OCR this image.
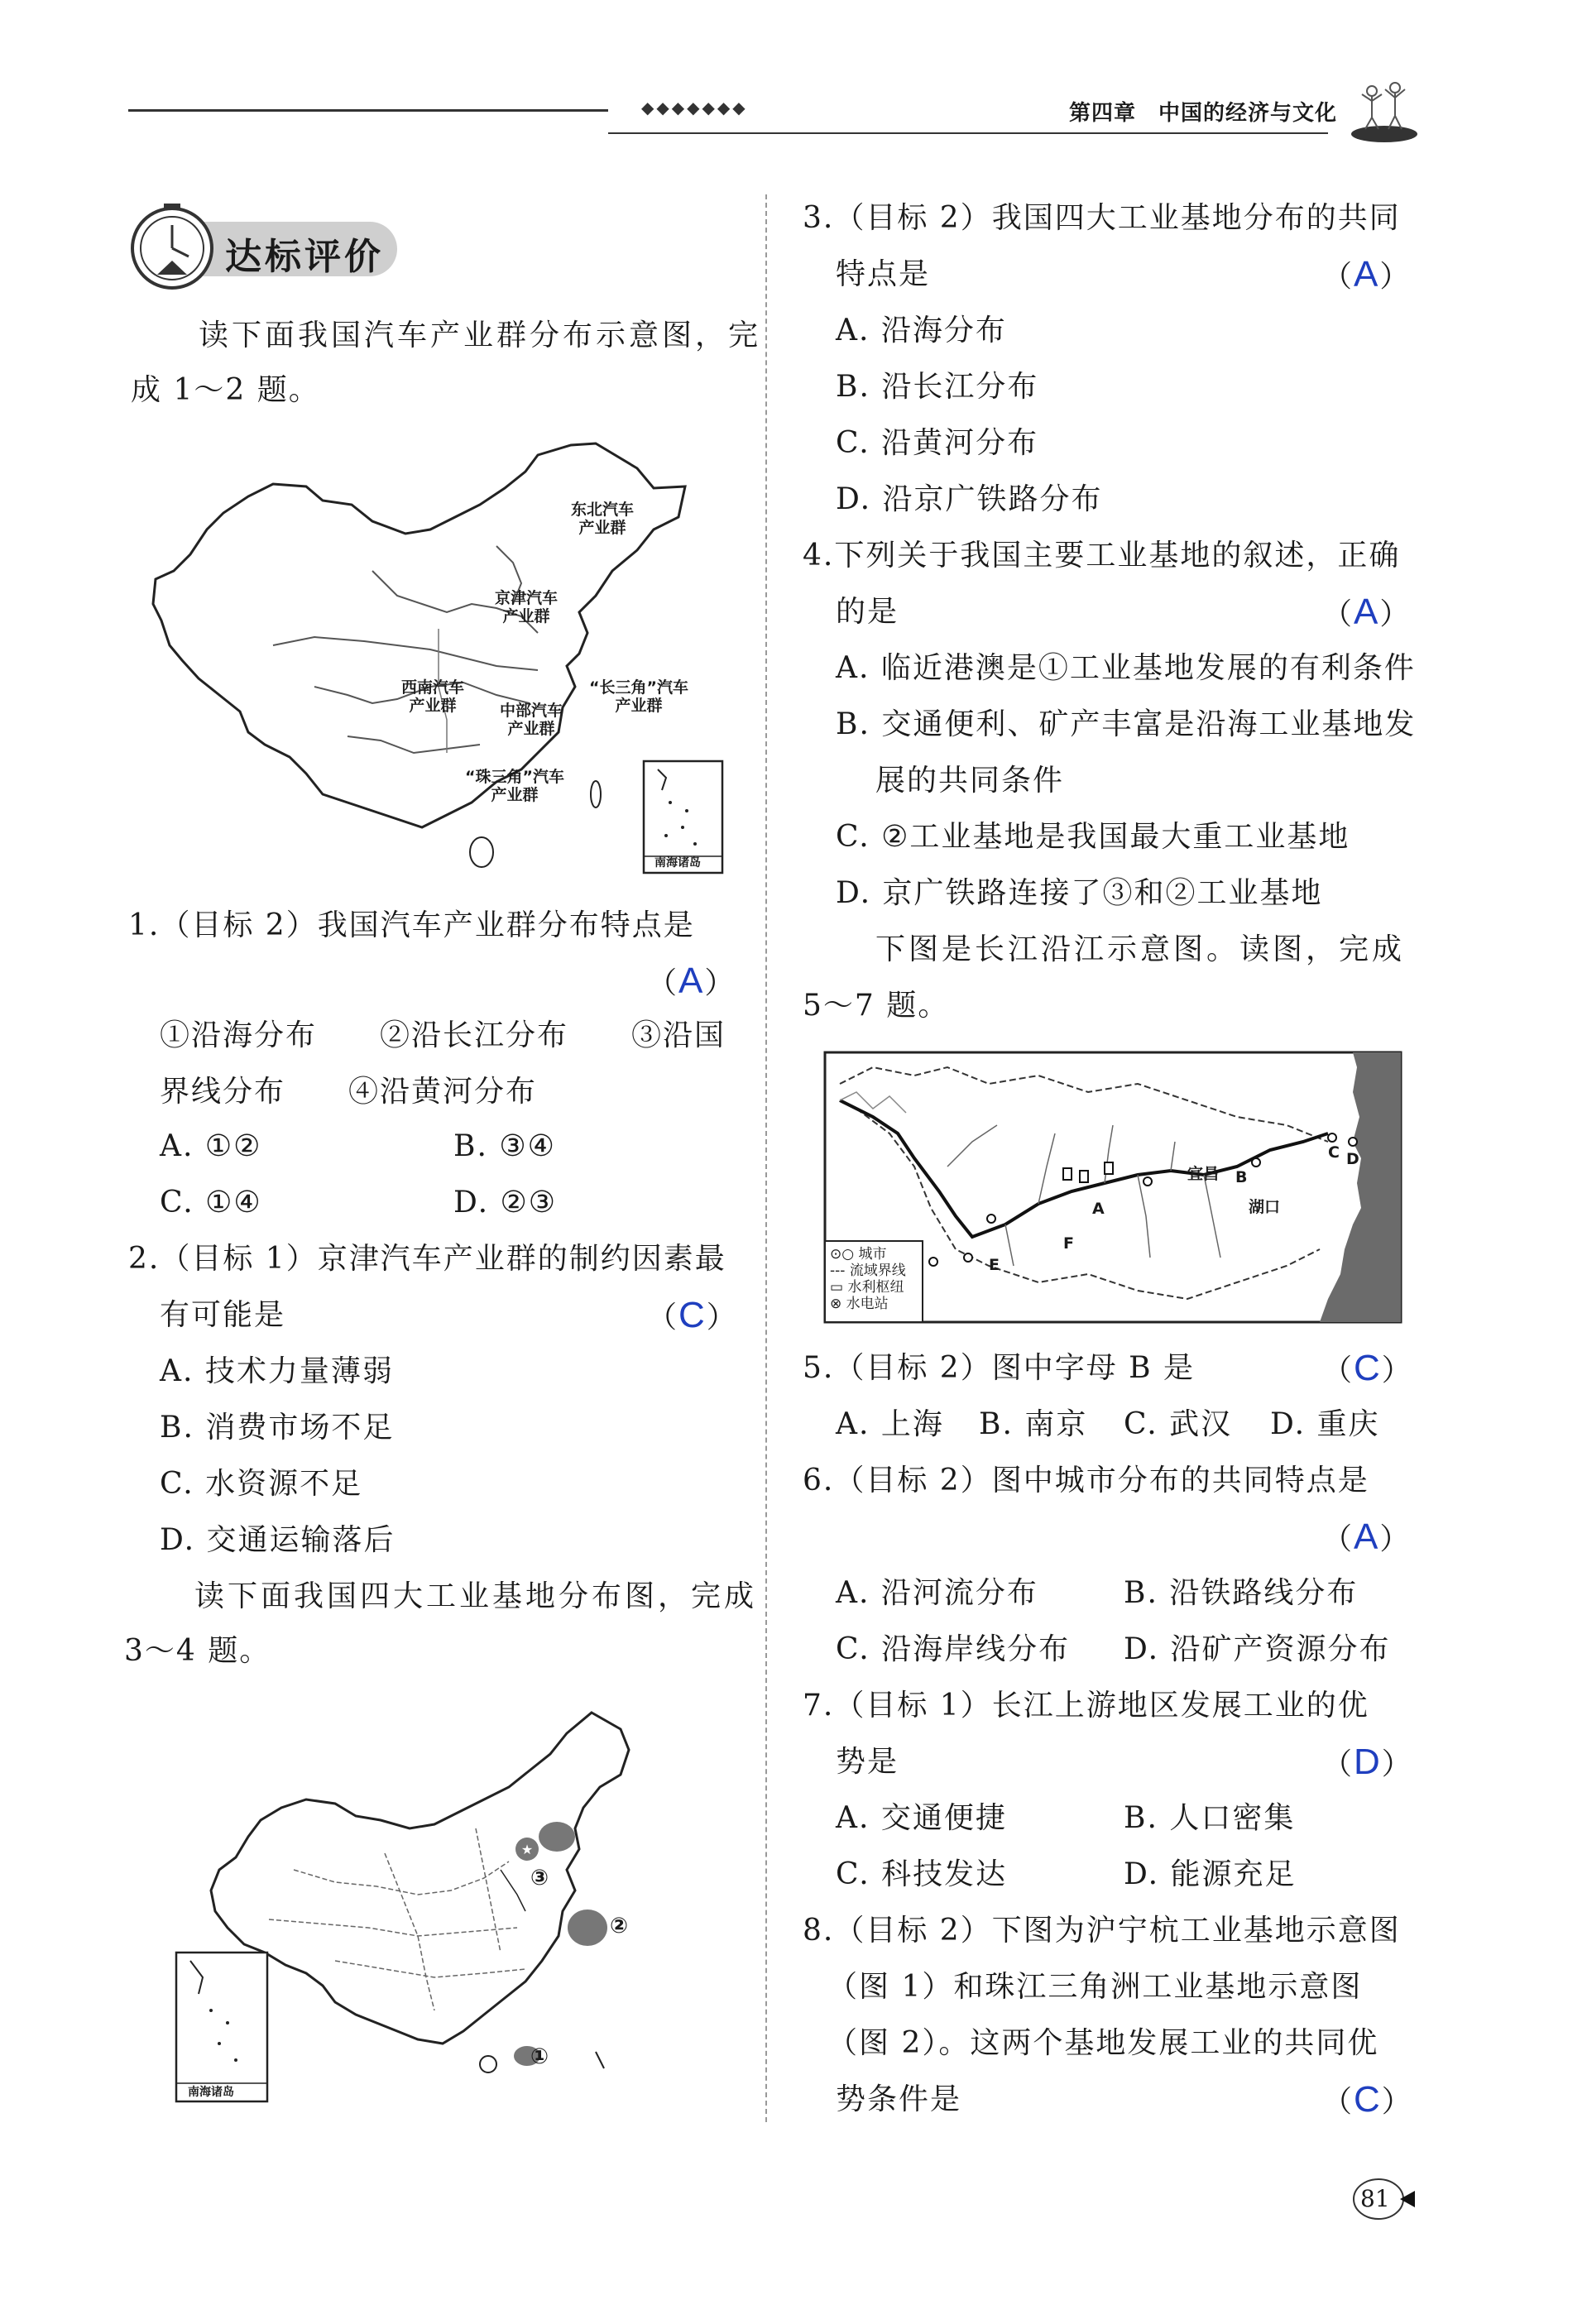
◆◆◆◆◆◆◆	第四章 中国的经济与文化
达标评价
读下面我国汽车产业群分布示意图，完
成 1～2 题。
东北汽车
产业群
京津汽车
产业群
西南汽车
产业群	中部汽车
产业群
“长三角”汽车
产业群
“珠三角”汽车
产业群
南海诸岛
1.（目标 2）我国汽车产业群分布特点是
（A）
①沿海分布　　②沿长江分布　　③沿国
界线分布　　④沿黄河分布
A. ①②	B. ③④
C. ①④	D. ②③
2.（目标 1）京津汽车产业群的制约因素最
有可能是	（C）
A. 技术力量薄弱
B. 消费市场不足
C. 水资源不足
D. 交通运输落后
读下面我国四大工业基地分布图，完成
3～4 题。
★
③
②
①
南海诸岛
3.（目标 2）我国四大工业基地分布的共同
特点是	（A）
A. 沿海分布
B. 沿长江分布
C. 沿黄河分布
D. 沿京广铁路分布
4.下列关于我国主要工业基地的叙述，正确
的是	（A）
A. 临近港澳是①工业基地发展的有利条件
B. 交通便利、矿产丰富是沿海工业基地发
展的共同条件
C. ②工业基地是我国最大重工业基地
D. 京广铁路连接了③和②工业基地
下图是长江沿江示意图。读图，完成
5～7 题。
宜昌
湖口
A
B
C D
E
F
⊙○ 城市
--- 流域界线
▭ 水利枢纽
⊗ 水电站
5.（目标 2）图中字母 B 是	（C）
A. 上海 B. 南京 C. 武汉 D. 重庆
6.（目标 2）图中城市分布的共同特点是
（A）
A. 沿河流分布	B. 沿铁路线分布
C. 沿海岸线分布 D. 沿矿产资源分布
7.（目标 1）长江上游地区发展工业的优
势是	（D）
A. 交通便捷	B. 人口密集
C. 科技发达	D. 能源充足
8.（目标 2）下图为沪宁杭工业基地示意图
（图 1）和珠江三角洲工业基地示意图
（图 2）。这两个基地发展工业的共同优
势条件是	（C）
81
